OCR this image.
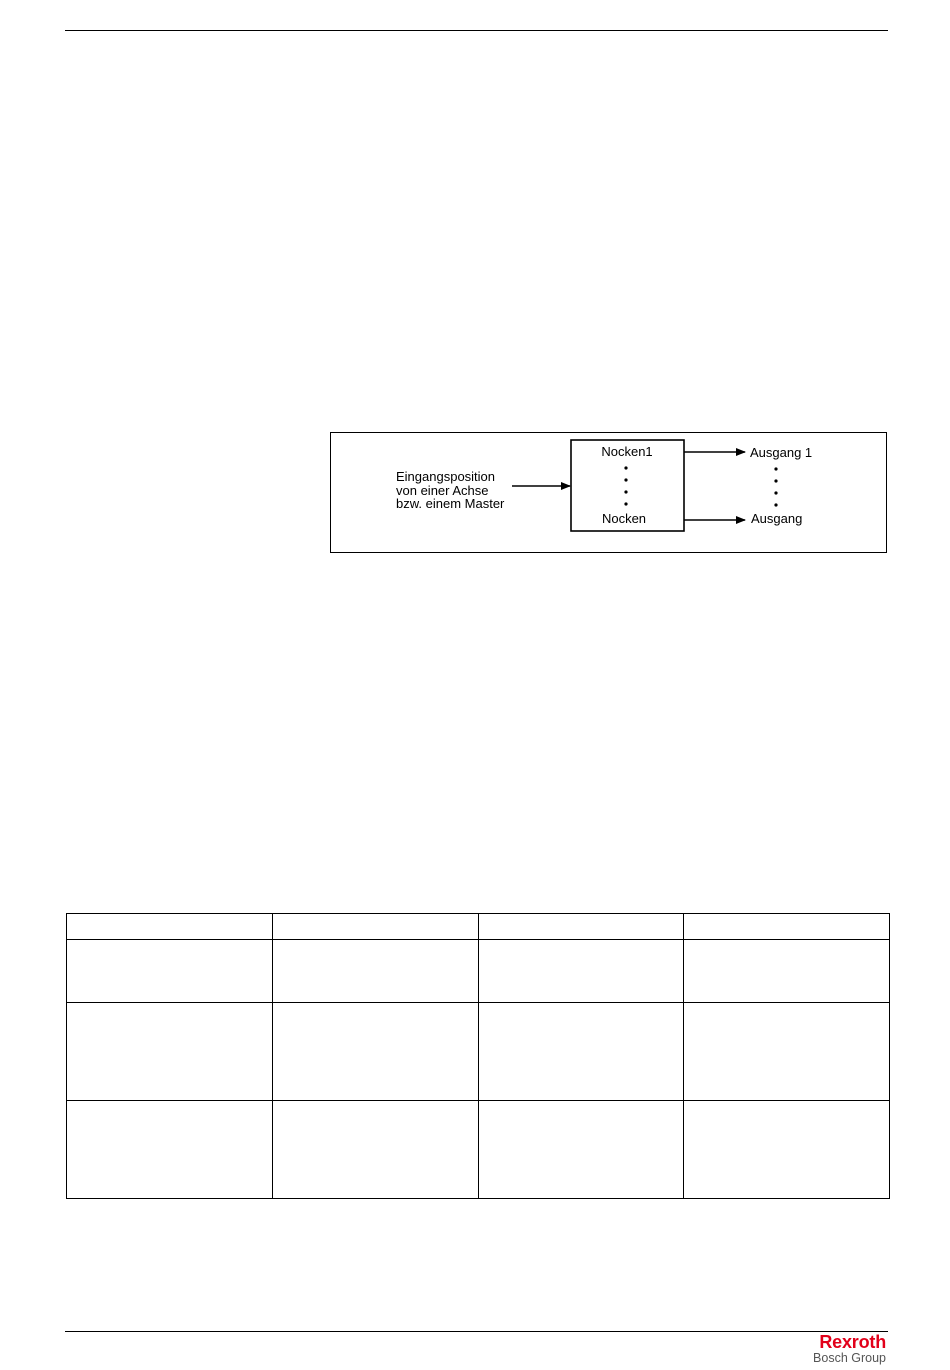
Eingangsposition
von einer Achse
bzw. einem Master
Nocken1
Nocken
Ausgang 1
Ausgang

Rexroth
Bosch Group
